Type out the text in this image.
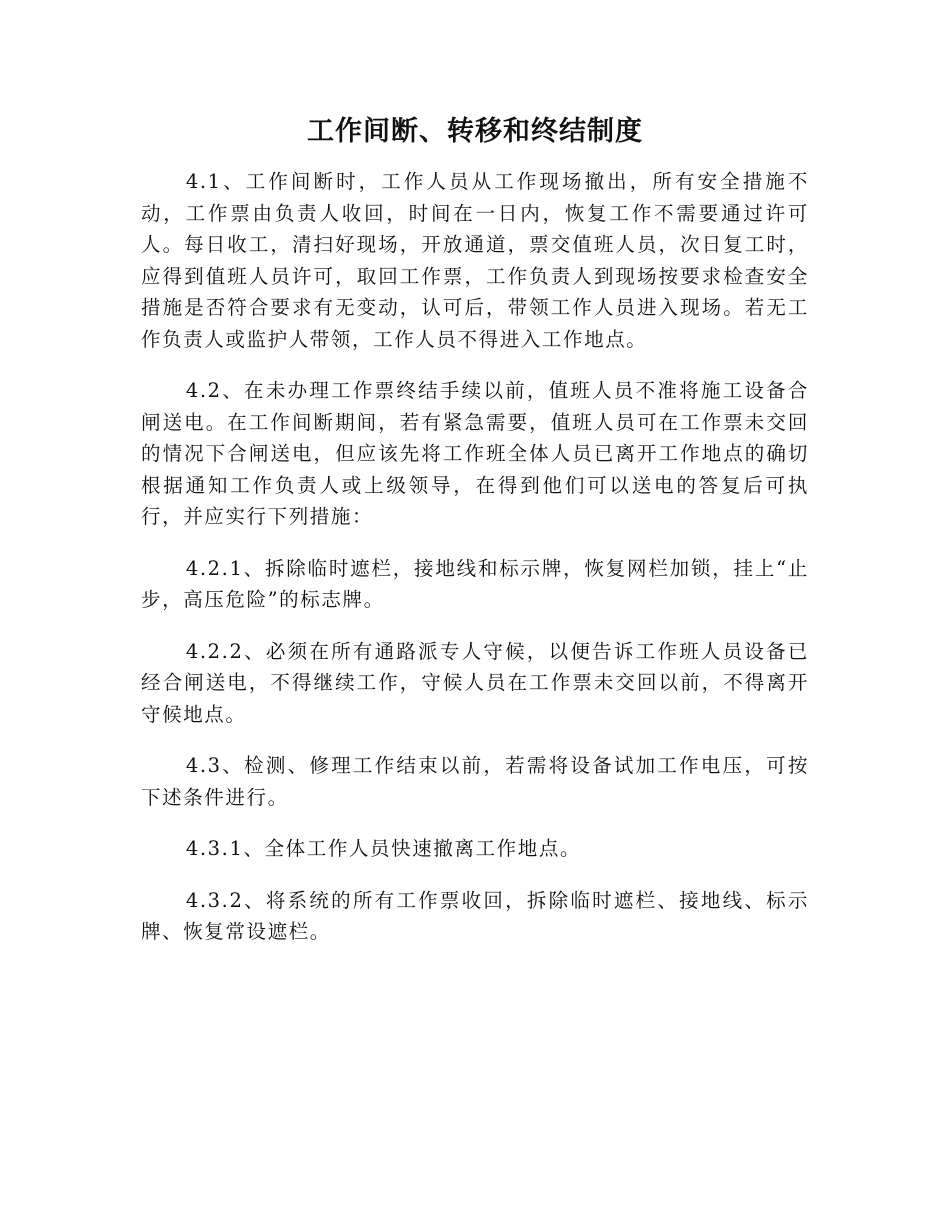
工作间断、转移和终结制度

4.1、工作间断时，工作人员从工作现场撤出，所有安全措施不动，工作票由负责人收回，时间在一日内，恢复工作不需要通过许可人。每日收工，清扫好现场，开放通道，票交值班人员，次日复工时，应得到值班人员许可，取回工作票，工作负责人到现场按要求检查安全措施是否符合要求有无变动，认可后，带领工作人员进入现场。若无工作负责人或监护人带领，工作人员不得进入工作地点。

4.2、在未办理工作票终结手续以前，值班人员不准将施工设备合闸送电。在工作间断期间，若有紧急需要，值班人员可在工作票未交回的情况下合闸送电，但应该先将工作班全体人员已离开工作地点的确切根据通知工作负责人或上级领导，在得到他们可以送电的答复后可执行，并应实行下列措施：

4.2.1、拆除临时遮栏，接地线和标示牌，恢复网栏加锁，挂上“止步，高压危险”的标志牌。

4.2.2、必须在所有通路派专人守候，以便告诉工作班人员设备已经合闸送电，不得继续工作，守候人员在工作票未交回以前，不得离开守候地点。

4.3、检测、修理工作结束以前，若需将设备试加工作电压，可按下述条件进行。

4.3.1、全体工作人员快速撤离工作地点。

4.3.2、将系统的所有工作票收回，拆除临时遮栏、接地线、标示牌、恢复常设遮栏。
